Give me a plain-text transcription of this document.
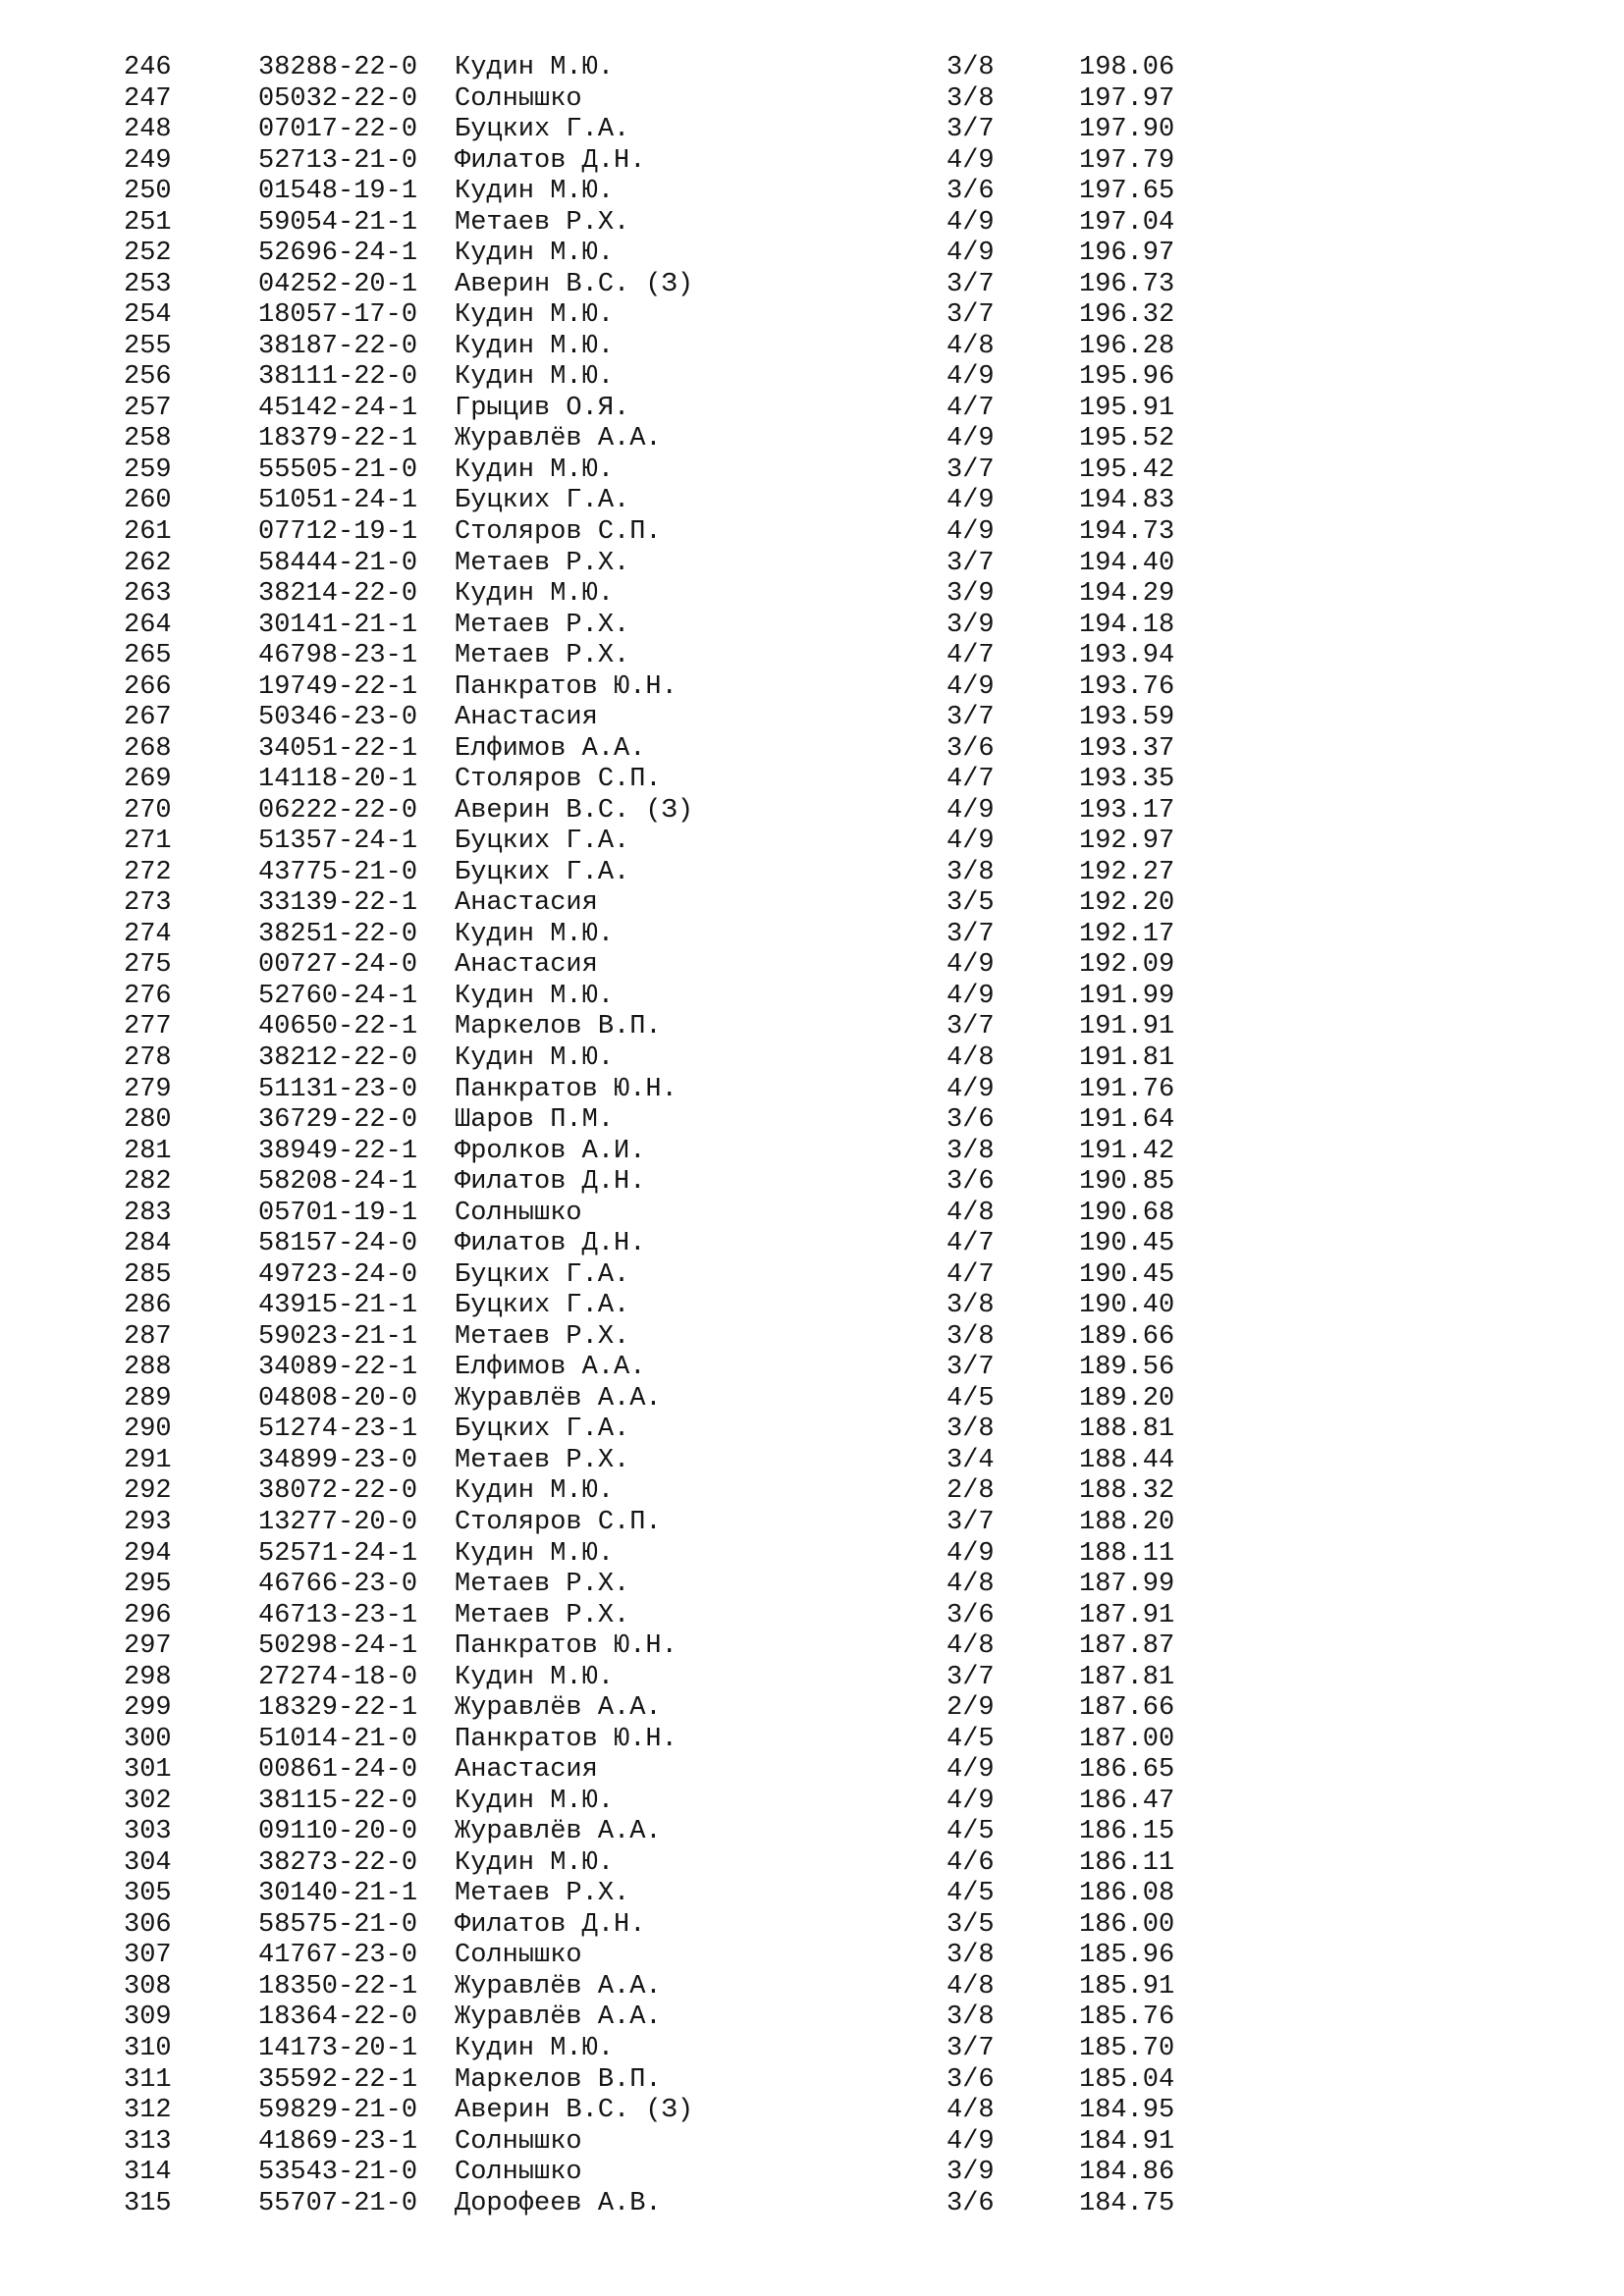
246	38288-22-0 Кудин М.Ю.	3/8	198.06
247	05032-22-0 Солнышко	3/8	197.97
248	07017-22-0 Буцких Г.А.	3/7	197.90
249	52713-21-0 Филатов Д.Н.	4/9	197.79
250	01548-19-1 Кудин М.Ю.	3/6	197.65
251	59054-21-1 Метаев Р.Х.	4/9	197.04
252	52696-24-1 Кудин М.Ю.	4/9	196.97
253	04252-20-1 Аверин В.С. (З)	3/7	196.73
254	18057-17-0 Кудин М.Ю.	3/7	196.32
255	38187-22-0 Кудин М.Ю.	4/8	196.28
256	38111-22-0 Кудин М.Ю.	4/9	195.96
257	45142-24-1 Грыцив О.Я.	4/7	195.91
258	18379-22-1 Журавлёв А.А.	4/9	195.52
259	55505-21-0 Кудин М.Ю.	3/7	195.42
260	51051-24-1 Буцких Г.А.	4/9	194.83
261	07712-19-1 Столяров С.П.	4/9	194.73
262	58444-21-0 Метаев Р.Х.	3/7	194.40
263	38214-22-0 Кудин М.Ю.	3/9	194.29
264	30141-21-1 Метаев Р.Х.	3/9	194.18
265	46798-23-1 Метаев Р.Х.	4/7	193.94
266	19749-22-1 Панкратов Ю.Н.	4/9	193.76
267	50346-23-0 Анастасия	3/7	193.59
268	34051-22-1 Елфимов А.А.	3/6	193.37
269	14118-20-1 Столяров С.П.	4/7	193.35
270	06222-22-0 Аверин В.С. (З)	4/9	193.17
271	51357-24-1 Буцких Г.А.	4/9	192.97
272	43775-21-0 Буцких Г.А.	3/8	192.27
273	33139-22-1 Анастасия	3/5	192.20
274	38251-22-0 Кудин М.Ю.	3/7	192.17
275	00727-24-0 Анастасия	4/9	192.09
276	52760-24-1 Кудин М.Ю.	4/9	191.99
277	40650-22-1 Маркелов В.П.	3/7	191.91
278	38212-22-0 Кудин М.Ю.	4/8	191.81
279	51131-23-0 Панкратов Ю.Н.	4/9	191.76
280	36729-22-0 Шаров П.М.	3/6	191.64
281	38949-22-1 Фролков А.И.	3/8	191.42
282	58208-24-1 Филатов Д.Н.	3/6	190.85
283	05701-19-1 Солнышко	4/8	190.68
284	58157-24-0 Филатов Д.Н.	4/7	190.45
285	49723-24-0 Буцких Г.А.	4/7	190.45
286	43915-21-1 Буцких Г.А.	3/8	190.40
287	59023-21-1 Метаев Р.Х.	3/8	189.66
288	34089-22-1 Елфимов А.А.	3/7	189.56
289	04808-20-0 Журавлёв А.А.	4/5	189.20
290	51274-23-1 Буцких Г.А.	3/8	188.81
291	34899-23-0 Метаев Р.Х.	3/4	188.44
292	38072-22-0 Кудин М.Ю.	2/8	188.32
293	13277-20-0 Столяров С.П.	3/7	188.20
294	52571-24-1 Кудин М.Ю.	4/9	188.11
295	46766-23-0 Метаев Р.Х.	4/8	187.99
296	46713-23-1 Метаев Р.Х.	3/6	187.91
297	50298-24-1 Панкратов Ю.Н.	4/8	187.87
298	27274-18-0 Кудин М.Ю.	3/7	187.81
299	18329-22-1 Журавлёв А.А.	2/9	187.66
300	51014-21-0 Панкратов Ю.Н.	4/5	187.00
301	00861-24-0 Анастасия	4/9	186.65
302	38115-22-0 Кудин М.Ю.	4/9	186.47
303	09110-20-0 Журавлёв А.А.	4/5	186.15
304	38273-22-0 Кудин М.Ю.	4/6	186.11
305	30140-21-1 Метаев Р.Х.	4/5	186.08
306	58575-21-0 Филатов Д.Н.	3/5	186.00
307	41767-23-0 Солнышко	3/8	185.96
308	18350-22-1 Журавлёв А.А.	4/8	185.91
309	18364-22-0 Журавлёв А.А.	3/8	185.76
310	14173-20-1 Кудин М.Ю.	3/7	185.70
311	35592-22-1 Маркелов В.П.	3/6	185.04
312	59829-21-0 Аверин В.С. (З)	4/8	184.95
313	41869-23-1 Солнышко	4/9	184.91
314	53543-21-0 Солнышко	3/9	184.86
315	55707-21-0 Дорофеев А.В.	3/6	184.75
